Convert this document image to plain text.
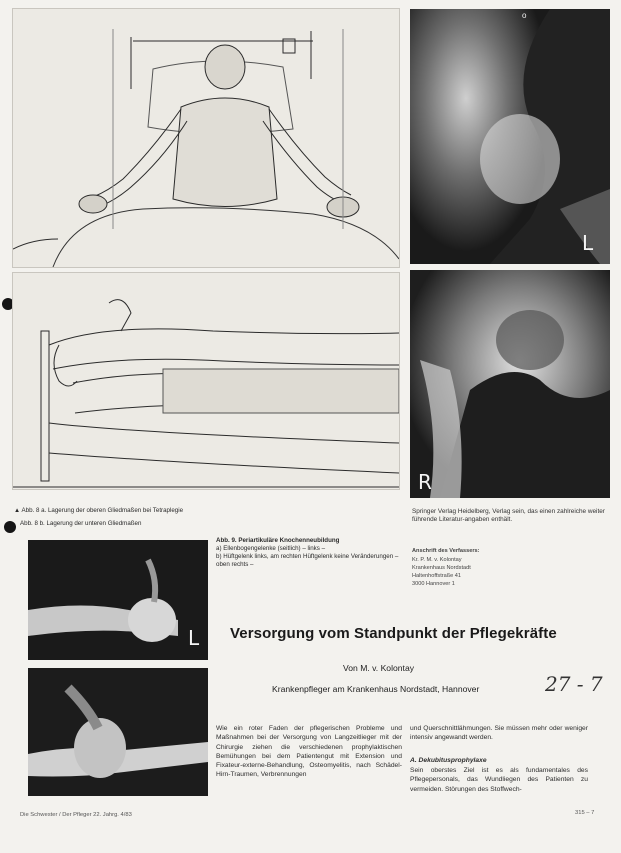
▲ Abb. 8 a. Lagerung der oberen Gliedmaßen bei Tetraplegie
Abb. 8 b. Lagerung der unteren Gliedmaßen
L
o
R
Springer Verlag Heidelberg, Verlag sein, das einen zahlreiche weiter führende Literatur-angaben enthält.
Anschrift des Verfassers:
Kr. P. M. v. Kolontay
Krankenhaus Nordstadt
Haltenhoffstraße 41
3000 Hannover 1
Abb. 9. Periartikuläre Knochenneubildung
a) Ellenbogengelenke (seitlich) – links –
b) Hüftgelenk links, am rechten Hüftgelenk keine Veränderungen – oben rechts –
L Versorgung vom Standpunkt der Pflegekräfte
Von M. v. Kolontay
Krankenpfleger am Krankenhaus Nordstadt, Hannover	27 - 7
Wie ein roter Faden der pflegerischen Probleme und Maßnahmen bei der Versorgung von Langzeitlieger mit der Chirurgie ziehen die verschiedenen prophylaktischen Bemühungen bei dem Patientengut mit Extension und Fixateur-externe-Behandlung, Osteomyelitis, nach Schädel-Hirn-Traumen, Verbrennungen
und Querschnittlähmungen. Sie müssen mehr oder weniger intensiv angewandt werden.
A. Dekubitusprophylaxe
Sein oberstes Ziel ist es als fundamentales des Pflegepersonals, das Wundliegen des Patienten zu vermeiden. Störungen des Stoffwech-
Die Schwester / Der Pfleger 22. Jahrg. 4/83	315 – 7
